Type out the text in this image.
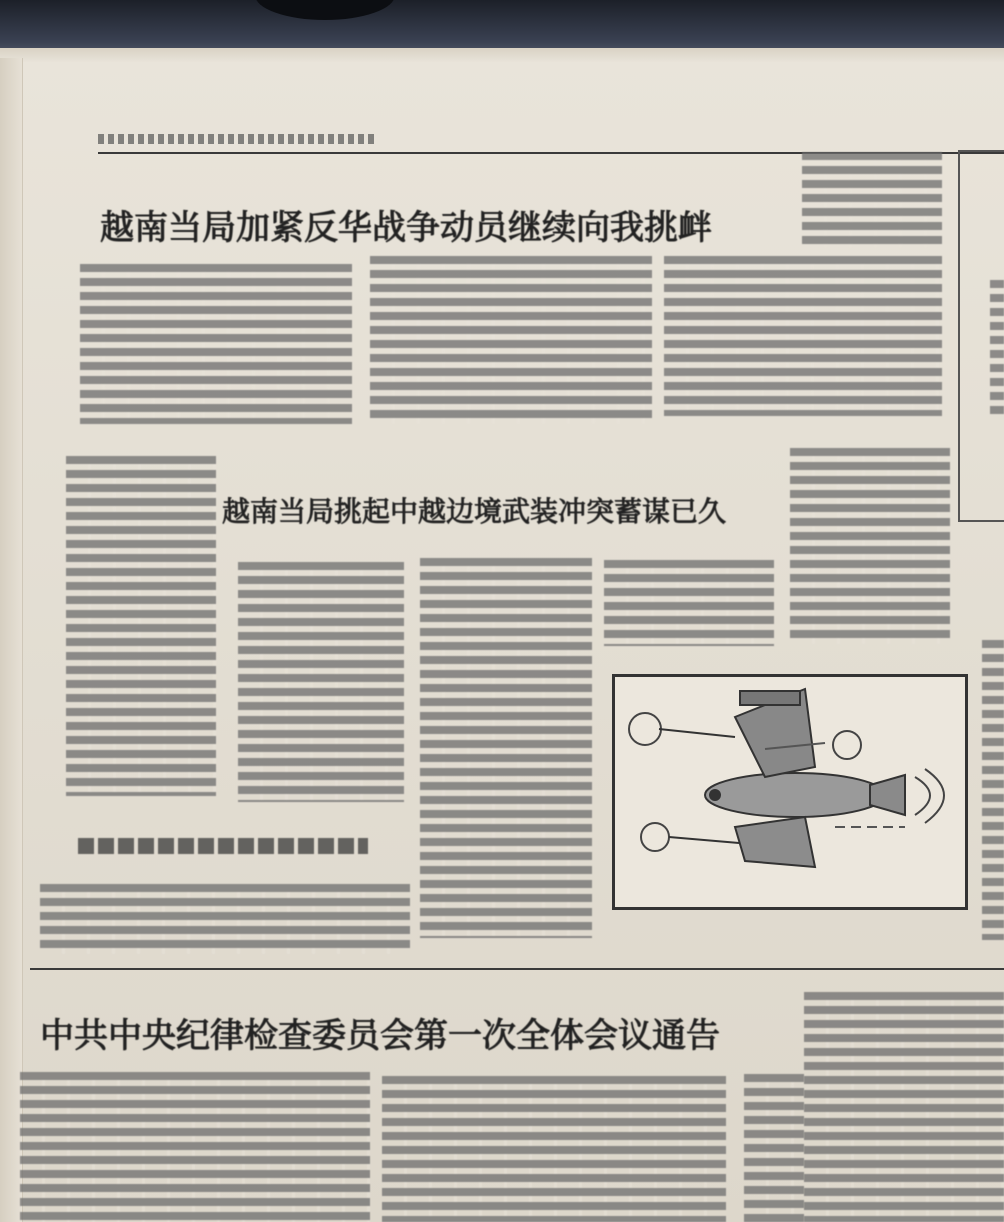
越南当局加紧反华战争动员继续向我挑衅
越南当局挑起中越边境武装冲突蓄谋已久
中共中央纪律检查委员会第一次全体会议通告
